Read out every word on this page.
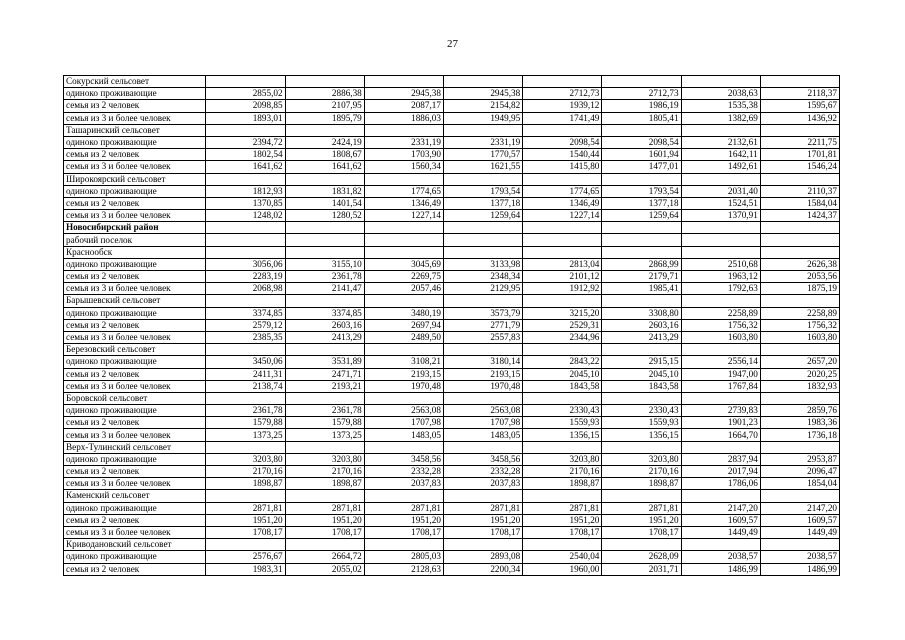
27
Сокурский сельсовет								
одиноко проживающие	2855,02	2886,38	2945,38	2945,38	2712,73	2712,73	2038,63	2118,37
семья из 2 человек	2098,85	2107,95	2087,17	2154,82	1939,12	1986,19	1535,38	1595,67
семья из 3 и более человек	1893,01	1895,79	1886,03	1949,95	1741,49	1805,41	1382,69	1436,92
Ташаринский сельсовет								
одиноко проживающие	2394,72	2424,19	2331,19	2331,19	2098,54	2098,54	2132,61	2211,75
семья из 2 человек	1802,54	1808,67	1703,90	1770,57	1540,44	1601,94	1642,11	1701,81
семья из 3 и более человек	1641,62	1641,62	1560,34	1621,55	1415,80	1477,01	1492,61	1546,24
Широкоярский сельсовет								
одиноко проживающие	1812,93	1831,82	1774,65	1793,54	1774,65	1793,54	2031,40	2110,37
семья из 2 человек	1370,85	1401,54	1346,49	1377,18	1346,49	1377,18	1524,51	1584,04
семья из 3 и более человек	1248,02	1280,52	1227,14	1259,64	1227,14	1259,64	1370,91	1424,37
Новосибирский район								
рабочий поселок								
Краснообск								
одиноко проживающие	3056,06	3155,10	3045,69	3133,98	2813,04	2868,99	2510,68	2626,38
семья из 2 человек	2283,19	2361,78	2269,75	2348,34	2101,12	2179,71	1963,12	2053,56
семья из 3 и более человек	2068,98	2141,47	2057,46	2129,95	1912,92	1985,41	1792,63	1875,19
Барышевский сельсовет								
одиноко проживающие	3374,85	3374,85	3480,19	3573,79	3215,20	3308,80	2258,89	2258,89
семья из 2 человек	2579,12	2603,16	2697,94	2771,79	2529,31	2603,16	1756,32	1756,32
семья из 3 и более человек	2385,35	2413,29	2489,50	2557,83	2344,96	2413,29	1603,80	1603,80
Березовский сельсовет								
одиноко проживающие	3450,06	3531,89	3108,21	3180,14	2843,22	2915,15	2556,14	2657,20
семья из 2 человек	2411,31	2471,71	2193,15	2193,15	2045,10	2045,10	1947,00	2020,25
семья из 3 и более человек	2138,74	2193,21	1970,48	1970,48	1843,58	1843,58	1767,84	1832,93
Боровской сельсовет								
одиноко проживающие	2361,78	2361,78	2563,08	2563,08	2330,43	2330,43	2739,83	2859,76
семья из 2 человек	1579,88	1579,88	1707,98	1707,98	1559,93	1559,93	1901,23	1983,36
семья из 3 и более человек	1373,25	1373,25	1483,05	1483,05	1356,15	1356,15	1664,70	1736,18
Верх-Тулинский сельсовет								
одиноко проживающие	3203,80	3203,80	3458,56	3458,56	3203,80	3203,80	2837,94	2953,87
семья из 2 человек	2170,16	2170,16	2332,28	2332,28	2170,16	2170,16	2017,94	2096,47
семья из 3 и более человек	1898,87	1898,87	2037,83	2037,83	1898,87	1898,87	1786,06	1854,04
Каменский сельсовет								
одиноко проживающие	2871,81	2871,81	2871,81	2871,81	2871,81	2871,81	2147,20	2147,20
семья из 2 человек	1951,20	1951,20	1951,20	1951,20	1951,20	1951,20	1609,57	1609,57
семья из 3 и более человек	1708,17	1708,17	1708,17	1708,17	1708,17	1708,17	1449,49	1449,49
Криводановский сельсовет								
одиноко проживающие	2576,67	2664,72	2805,03	2893,08	2540,04	2628,09	2038,57	2038,57
семья из 2 человек	1983,31	2055,02	2128,63	2200,34	1960,00	2031,71	1486,99	1486,99
